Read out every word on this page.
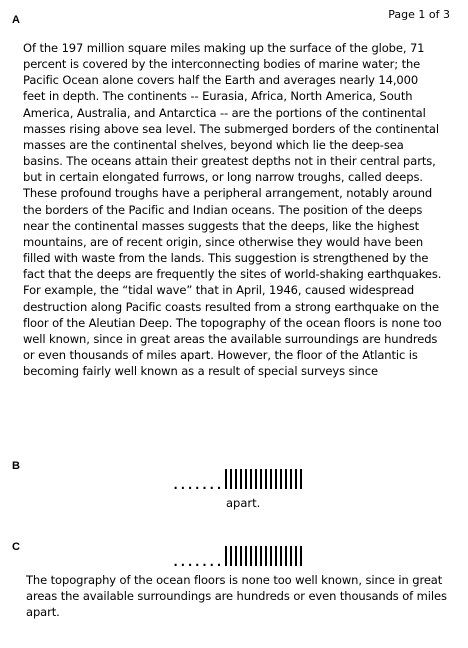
A	Page 1 of 3

Of the 197 million square miles making up the surface of the globe, 71 percent is covered by the interconnecting bodies of marine water; the Pacific Ocean alone covers half the Earth and averages nearly 14,000 feet in depth. The continents -- Eurasia, Africa, North America, South America, Australia, and Antarctica -- are the portions of the continental masses rising above sea level. The submerged borders of the continental masses are the continental shelves, beyond which lie the deep-sea basins. The oceans attain their greatest depths not in their central parts, but in certain elongated furrows, or long narrow troughs, called deeps. These profound troughs have a peripheral arrangement, notably around the borders of the Pacific and Indian oceans. The position of the deeps near the continental masses suggests that the deeps, like the highest mountains, are of recent origin, since otherwise they would have been filled with waste from the lands. This suggestion is strengthened by the fact that the deeps are frequently the sites of world-shaking earthquakes. For example, the “tidal wave” that in April, 1946, caused widespread destruction along Pacific coasts resulted from a strong earthquake on the floor of the Aleutian Deep. The topography of the ocean floors is none too well known, since in great areas the available surroundings are hundreds or even thousands of miles apart. However, the floor of the Atlantic is becoming fairly well known as a result of special surveys since

B
.......
apart.
C
.......

The topography of the ocean floors is none too well known, since in great areas the available surroundings are hundreds or even thousands of miles apart.
